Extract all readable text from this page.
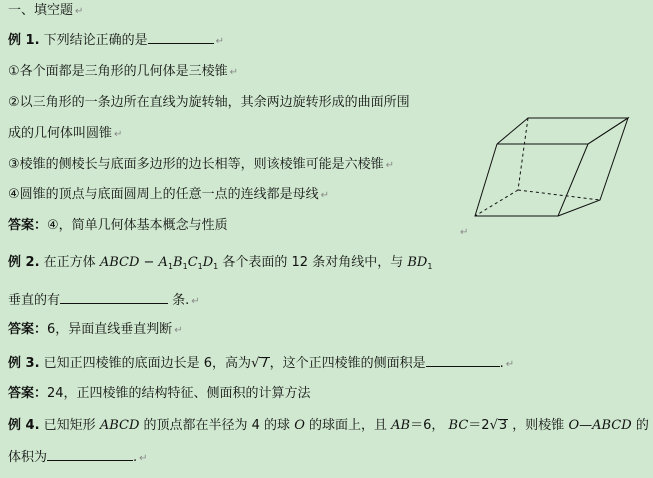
一、填空题 ↵
例 1. 下列结论正确的是	↵
①各个面都是三角形的几何体是三棱锥 ↵
②以三角形的一条边所在直线为旋转轴，其余两边旋转形成的曲面所围
成的几何体叫圆锥 ↵
③棱锥的侧棱长与底面多边形的边长相等，则该棱锥可能是六棱锥 ↵
④圆锥的顶点与底面圆周上的任意一点的连线都是母线 ↵
答案：④，简单几何体基本概念与性质	↵
例 2. 在正方体 ABCD − $A_1B_1C_1D_1$ 各个表面的 12 条对角线中，与 $BD_1$
垂直的有	条. ↵
答案：6，异面直线垂直判断 ↵
例 3. 已知正四棱锥的底面边长是 6，高为√7，这个正四棱锥的侧面积是	. ↵
答案：24，正四棱锥的结构特征、侧面积的计算方法
例 4. 已知矩形 ABCD 的顶点都在半径为 4 的球 O 的球面上，且 AB＝6， BC＝2√3 ，则棱锥 O—ABCD 的
体积为	. ↵
